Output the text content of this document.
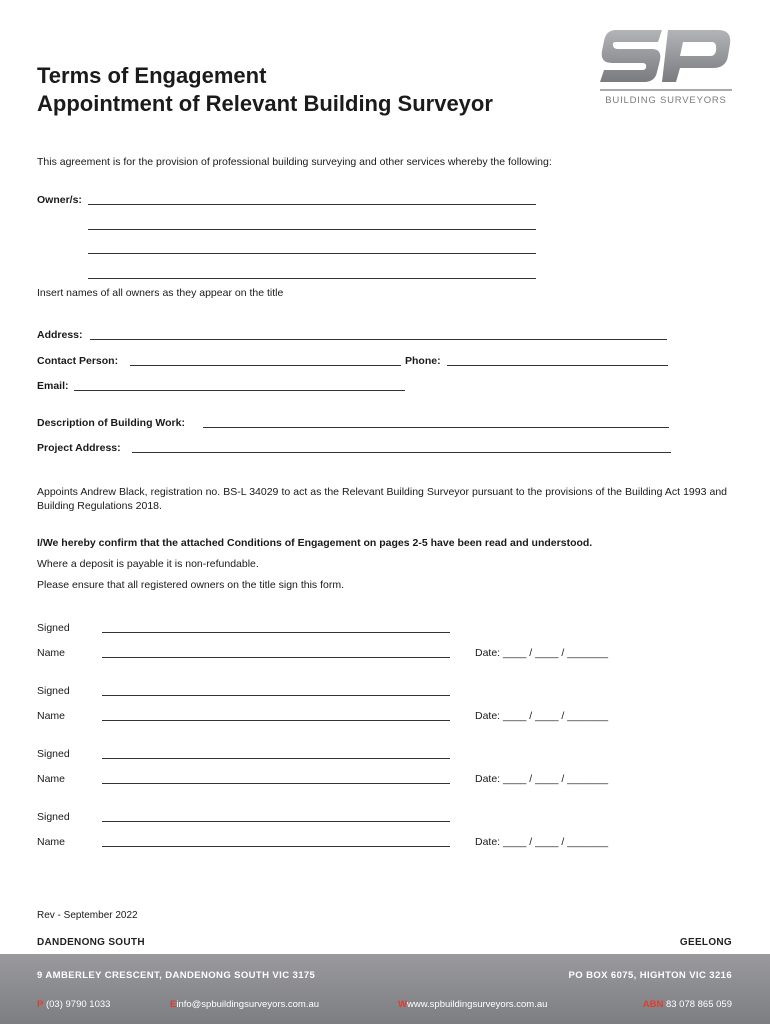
Terms of Engagement
Appointment of Relevant Building Surveyor	BUILDING SURVEYORS
This agreement is for the provision of professional building surveying and other services whereby the following:
Owner/s:
Insert names of all owners as they appear on the title
Address:
Contact Person:	Phone:
Email:
Description of Building Work:
Project Address:
Appoints Andrew Black, registration no. BS-L 34029 to act as the Relevant Building Surveyor pursuant to the provisions of the Building Act 1993 and Building Regulations 2018.
I/We hereby confirm that the attached Conditions of Engagement on pages 2-5 have been read and understood.
Where a deposit is payable it is non-refundable.
Please ensure that all registered owners on the title sign this form.
Signed
Name	Date: ____ / ____ / _______
Signed
Name	Date: ____ / ____ / _______
Signed
Name	Date: ____ / ____ / _______
Signed
Name	Date: ____ / ____ / _______
Rev - September 2022
DANDENONG SOUTH	GEELONG
9 AMBERLEY CRESCENT, DANDENONG SOUTH VIC 3175	PO BOX 6075, HIGHTON VIC 3216
P (03) 9790 1033	Einfo@spbuildingsurveyors.com.au	Wwww.spbuildingsurveyors.com.au	ABN 83 078 865 059
